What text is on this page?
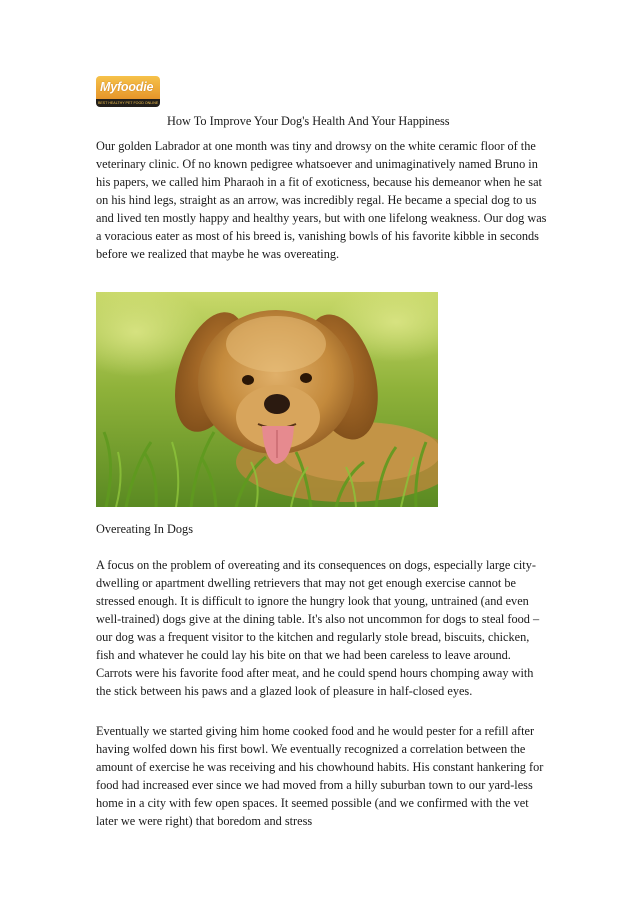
Myfoodie
BEST HEALTHY PET FOOD ONLINE
How To Improve Your Dog's Health And Your Happiness

Our golden Labrador at one month was tiny and drowsy on the white ceramic floor of the veterinary clinic. Of no known pedigree whatsoever and unimaginatively named Bruno in his papers, we called him Pharaoh in a fit of exoticness, because his demeanor when he sat on his hind legs, straight as an arrow, was incredibly regal. He became a special dog to us and lived ten mostly happy and healthy years, but with one lifelong weakness. Our dog was a voracious eater as most of his breed is, vanishing bowls of his favorite kibble in seconds before we realized that maybe he was overeating.

Overeating In Dogs

A focus on the problem of overeating and its consequences on dogs, especially large city-dwelling or apartment dwelling retrievers that may not get enough exercise cannot be stressed enough. It is difficult to ignore the hungry look that young, untrained (and even well-trained) dogs give at the dining table. It's also not uncommon for dogs to steal food – our dog was a frequent visitor to the kitchen and regularly stole bread, biscuits, chicken, fish and whatever he could lay his bite on that we had been careless to leave around. Carrots were his favorite food after meat, and he could spend hours chomping away with the stick between his paws and a glazed look of pleasure in half-closed eyes.

Eventually we started giving him home cooked food and he would pester for a refill after having wolfed down his first bowl. We eventually recognized a correlation between the amount of exercise he was receiving and his chowhound habits. His constant hankering for food had increased ever since we had moved from a hilly suburban town to our yard-less home in a city with few open spaces. It seemed possible (and we confirmed with the vet later we were right) that boredom and stress
